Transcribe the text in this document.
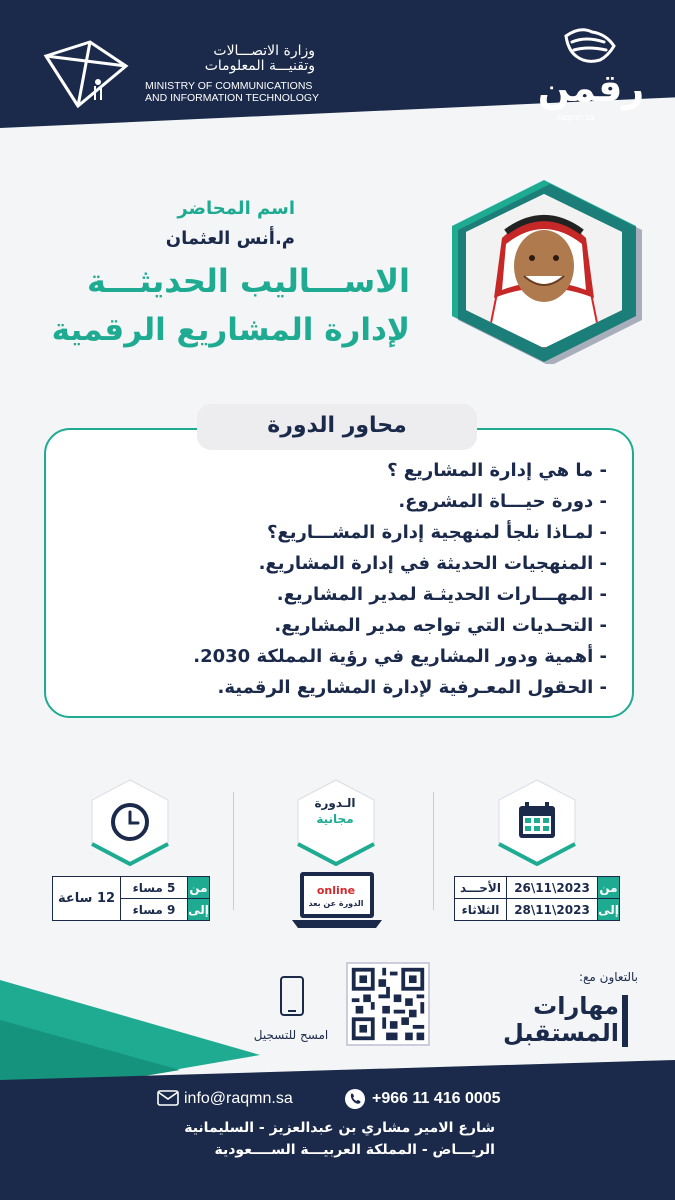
وزارة الاتصـــالات
وتقنيـــة المعلومات
MINISTRY OF COMMUNICATIONS
AND INFORMATION TECHNOLOGY	رقمن
raqmn.sa
اسم المحاضر
م.أنس العثمان
الاســـاليب الحديثـــة
لإدارة المشاريع الرقمية
محاور الدورة
- ما هي إدارة المشاريع ؟
- دورة حيـــاة المشروع.
- لمـاذا نلجأ لمنهجية إدارة المشـــاريع؟
- المنهجيات الحديثة في إدارة المشاريع.
- المهـــارات الحديثـة لمدير المشاريع.
- التحـديات التي تواجه مدير المشاريع.
- أهمية ودور المشاريع في رؤية المملكة 2030.
- الحقول المعـرفية لإدارة المشاريع الرقمية.
الـدورة
مجانية
من	2023\11\26	الأحـــد
إلى	2023\11\28	الثلاثاء
online
الدورة عن بعد
من	5 مساء	12 ساعة
إلى	9 مساء	
امسح للتسجيل
بالتعاون مع:
مهارات
المستقبل
info@raqmn.sa	+966 11 416 0005
شارع الامير مشاري بن عبدالعزيز - السليمانية
الريـــاض - المملكة العربيـــة الســــعودية
